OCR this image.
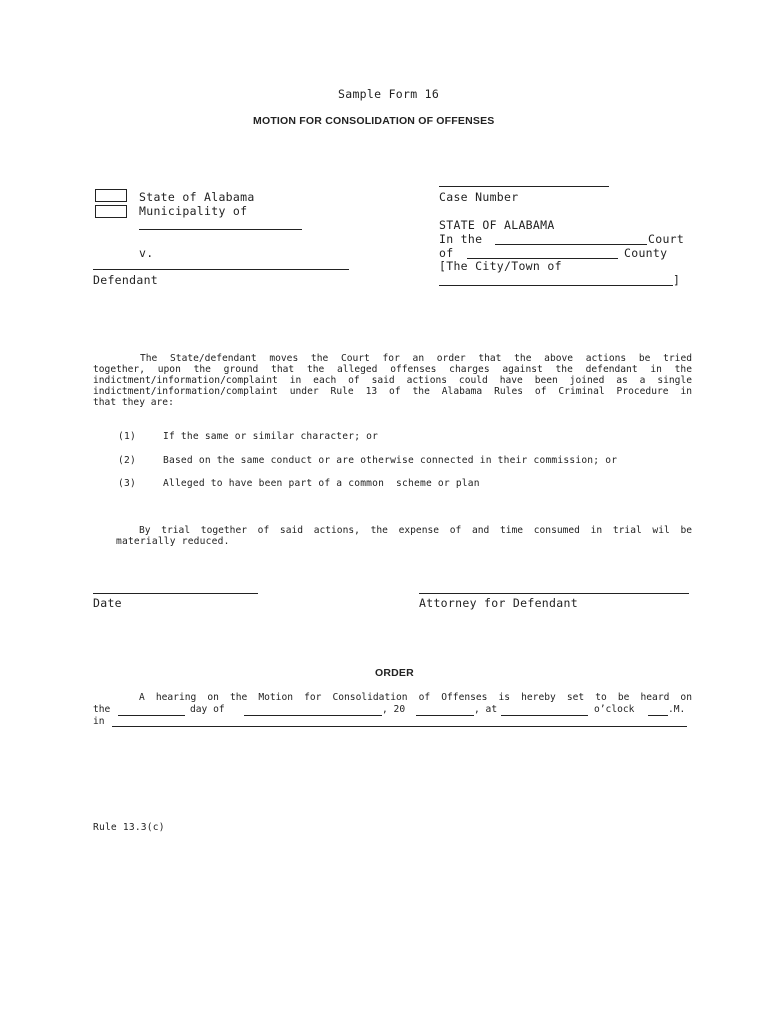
Sample Form 16
MOTION FOR CONSOLIDATION OF OFFENSES
State of Alabama
Municipality of
v.
Defendant
Case Number
STATE OF ALABAMA
In the	Court
of	County
[The City/Town of
]
The State/defendant moves the Court for an order that the above actions be tried
together, upon the ground that the alleged offenses charges against the defendant in the
indictment/information/complaint in each of said actions could have been joined as a single
indictment/information/complaint under Rule 13 of the Alabama Rules of Criminal Procedure in
that they are:
(1)	If the same or similar character; or
(2)	Based on the same conduct or are otherwise connected in their commission; or
(3)	Alleged to have been part of a common  scheme or plan
By trial together of said actions, the expense of and time consumed in trial wil be
materially reduced.
Date	Attorney for Defendant
ORDER
A hearing on the Motion for Consolidation of Offenses is hereby set to be heard on
the	day of	, 20	, at	o’clock	.M.
in
Rule 13.3(c)
